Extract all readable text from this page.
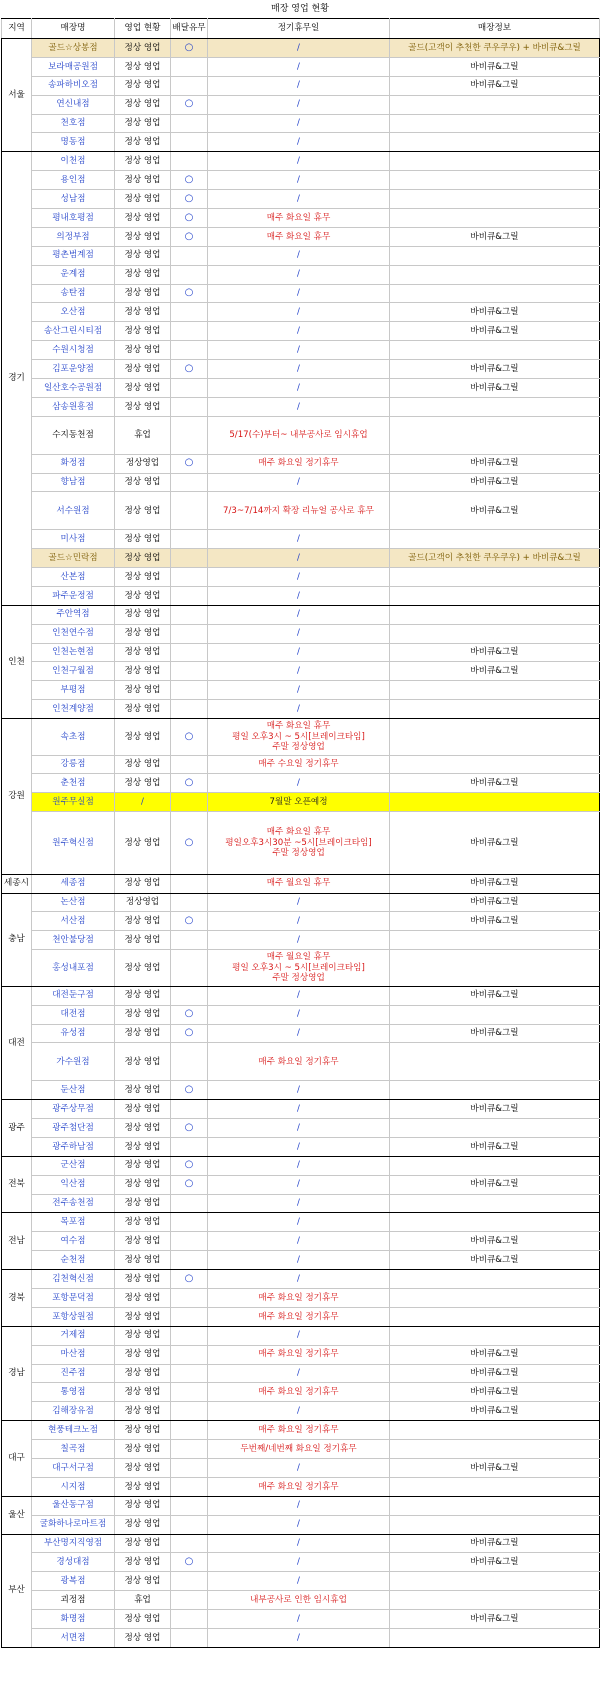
매장 영업 현황
지역	매장명	영업 현황	배달유무	정기휴무일	매장정보
서울	골드☆상봉점	정상 영업	○	/	골드(고객이 추천한 쿠우쿠우) + 바비큐&그릴
	보라매공원점	정상 영업		/	바비큐&그릴
	송파하비오점	정상 영업		/	바비큐&그릴
	연신내점	정상 영업	○	/	

	천호점	정상 영업		/	

	명동점	정상 영업		/	

경기	이천점	정상 영업		/	

	용인점	정상 영업	○	/	

	성남점	정상 영업	○	/	

	평내호평점	정상 영업	○	매주 화요일 휴무	

	의정부점	정상 영업	○	매주 화요일 휴무	바비큐&그릴
	평촌범계점	정상 영업		/	

	운계점	정상 영업		/	

	송탄점	정상 영업	○	/	

	오산점	정상 영업		/	바비큐&그릴
	송산그린시티점	정상 영업		/	바비큐&그릴
	수원시청점	정상 영업		/	

	김포운양점	정상 영업	○	/	바비큐&그릴
	일산호수공원점	정상 영업		/	바비큐&그릴
	삼송원흥점	정상 영업		/	

	수지동천점	휴업		5/17(수)부터~ 내부공사로 임시휴업	

	화정점	정상영업	○	매주 화요일 정기휴무	바비큐&그릴
	향남점	정상 영업		/	바비큐&그릴
	서수원점	정상 영업		7/3~7/14까지 확장 리뉴얼 공사로 휴무	바비큐&그릴
	미사점	정상 영업		/	

	골드☆민락점	정상 영업		/	골드(고객이 추천한 쿠우쿠우) + 바비큐&그릴
	산본점	정상 영업		/	

	파주운정점	정상 영업		/	

인천	주안역점	정상 영업		/	

	인천연수점	정상 영업		/	

	인천논현점	정상 영업		/	바비큐&그릴
	인천구월점	정상 영업		/	바비큐&그릴
	부평점	정상 영업		/	

	인천계양점	정상 영업		/	

강원	속초점	정상 영업	○	매주 화요일 휴무
평일 오후3시 ~ 5시[브레이크타임]
주말 정상영업	

	강릉점	정상 영업		매주 수요일 정기휴무	

	춘천점	정상 영업	○	/	바비큐&그릴
	원주무실점	/		7월말 오픈예정	

	원주혁신점	정상 영업	○	매주 화요일 휴무
평일오후3시30분 ~5시[브레이크타임]
주말 정상영업	바비큐&그릴
세종시	세종점	정상 영업		매주 월요일 휴무	바비큐&그릴
충남	논산점	정상영업		/	바비큐&그릴
	서산점	정상 영업	○	/	바비큐&그릴
	천안불당점	정상 영업		/	

	홍성내포점	정상 영업		매주 월요일 휴무
평일 오후3시 ~ 5시[브레이크타임]
주말 정상영업	

대전	대전둔구점	정상 영업		/	바비큐&그릴
	대전점	정상 영업	○	/	

	유성점	정상 영업	○	/	바비큐&그릴
	가수원점	정상 영업		매주 화요일 정기휴무	

	둔산점	정상 영업	○	/	

광주	광주상무점	정상 영업		/	바비큐&그릴
	광주첨단점	정상 영업	○	/	

	광주하남점	정상 영업		/	바비큐&그릴
전북	군산점	정상 영업	○	/	

	익산점	정상 영업	○	/	바비큐&그릴
	전주송천점	정상 영업		/	

전남	목포점	정상 영업		/	

	여수점	정상 영업		/	바비큐&그릴
	순천점	정상 영업		/	바비큐&그릴
경북	김천혁신점	정상 영업	○	/	

	포항문덕점	정상 영업		매주 화요일 정기휴무	

	포항상원점	정상 영업		매주 화요일 정기휴무	

경남	거제점	정상 영업		/	

	마산점	정상 영업		매주 화요일 정기휴무	바비큐&그릴
	진주점	정상 영업		/	바비큐&그릴
	통영점	정상 영업		매주 화요일 정기휴무	바비큐&그릴
	김해장유점	정상 영업		/	바비큐&그릴
대구	현풍테크노점	정상 영업		매주 화요일 정기휴무	

	칠곡점	정상 영업		두번째/네번째 화요일 정기휴무	

	대구서구점	정상 영업		/	바비큐&그릴
	시지점	정상 영업		매주 화요일 정기휴무	

울산	울산동구점	정상 영업		/	

	굴화하나로마트점	정상 영업		/	

부산	부산명지직영점	정상 영업		/	바비큐&그릴
	경성대점	정상 영업	○	/	바비큐&그릴
	광복점	정상 영업		/	

	괴정점	휴업		내부공사로 인한 임시휴업	

	화명점	정상 영업		/	바비큐&그릴
	서면점	정상 영업		/	
